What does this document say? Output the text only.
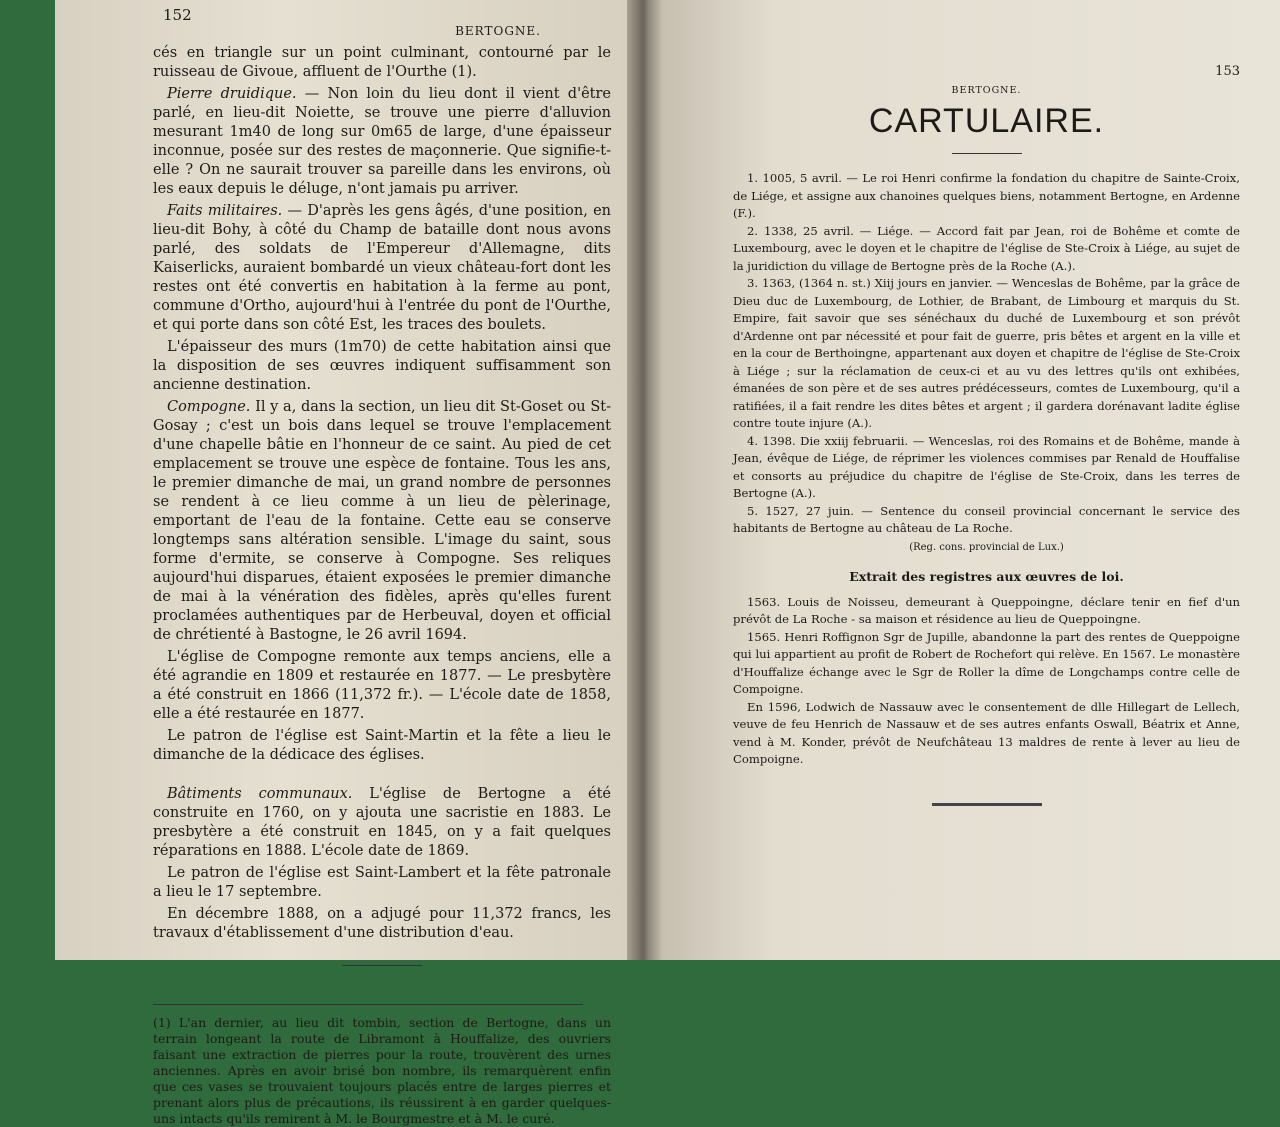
152
BERTOGNE.

cés en triangle sur un point culminant, contourné par le ruisseau de Givoue, affluent de l'Ourthe (1).

Pierre druidique. — Non loin du lieu dont il vient d'être parlé, en lieu-dit Noiette, se trouve une pierre d'alluvion mesurant 1m40 de long sur 0m65 de large, d'une épaisseur inconnue, posée sur des restes de maçonnerie. Que signifie-t-elle ? On ne saurait trouver sa pareille dans les environs, où les eaux depuis le déluge, n'ont jamais pu arriver.

Faits militaires. — D'après les gens âgés, d'une position, en lieu-dit Bohy, à côté du Champ de bataille dont nous avons parlé, des soldats de l'Empereur d'Allemagne, dits Kaiserlicks, auraient bombardé un vieux château-fort dont les restes ont été convertis en habitation à la ferme au pont, commune d'Ortho, aujourd'hui à l'entrée du pont de l'Ourthe, et qui porte dans son côté Est, les traces des boulets.

L'épaisseur des murs (1m70) de cette habitation ainsi que la disposition de ses œuvres indiquent suffisamment son ancienne destination.

Compogne. Il y a, dans la section, un lieu dit St-Goset ou St-Gosay ; c'est un bois dans lequel se trouve l'emplacement d'une chapelle bâtie en l'honneur de ce saint. Au pied de cet emplacement se trouve une espèce de fontaine. Tous les ans, le premier dimanche de mai, un grand nombre de personnes se rendent à ce lieu comme à un lieu de pèlerinage, emportant de l'eau de la fontaine. Cette eau se conserve longtemps sans altération sensible. L'image du saint, sous forme d'ermite, se conserve à Compogne. Ses reliques aujourd'hui disparues, étaient exposées le premier dimanche de mai à la vénération des fidèles, après qu'elles furent proclamées authentiques par de Herbeuval, doyen et official de chrétienté à Bastogne, le 26 avril 1694.

L'église de Compogne remonte aux temps anciens, elle a été agrandie en 1809 et restaurée en 1877. — Le presbytère a été construit en 1866 (11,372 fr.). — L'école date de 1858, elle a été restaurée en 1877.

Le patron de l'église est Saint-Martin et la fête a lieu le dimanche de la dédicace des églises.

Bâtiments communaux. L'église de Bertogne a été construite en 1760, on y ajouta une sacristie en 1883. Le presbytère a été construit en 1845, on y a fait quelques réparations en 1888. L'école date de 1869.

Le patron de l'église est Saint-Lambert et la fête patronale a lieu le 17 septembre.

En décembre 1888, on a adjugé pour 11,372 francs, les travaux d'établissement d'une distribution d'eau.

(1) L'an dernier, au lieu dit tombin, section de Bertogne, dans un terrain longeant la route de Libramont à Houffalize, des ouvriers faisant une extraction de pierres pour la route, trouvèrent des urnes anciennes. Après en avoir brisé bon nombre, ils remarquèrent enfin que ces vases se trouvaient toujours placés entre de larges pierres et prenant alors plus de précautions, ils réussirent à en garder quelques-uns intacts qu'ils remirent à M. le Bourgmestre et à M. le curé.
153
BERTOGNE.
CARTULAIRE.

1. 1005, 5 avril. — Le roi Henri confirme la fondation du chapitre de Sainte-Croix, de Liége, et assigne aux chanoines quelques biens, notamment Bertogne, en Ardenne (F.).

2. 1338, 25 avril. — Liége. — Accord fait par Jean, roi de Bohême et comte de Luxembourg, avec le doyen et le chapitre de l'église de Ste-Croix à Liége, au sujet de la juridiction du village de Bertogne près de la Roche (A.).

3. 1363, (1364 n. st.) Xiij jours en janvier. — Wenceslas de Bohême, par la grâce de Dieu duc de Luxembourg, de Lothier, de Brabant, de Limbourg et marquis du St. Empire, fait savoir que ses sénéchaux du duché de Luxembourg et son prévôt d'Ardenne ont par nécessité et pour fait de guerre, pris bêtes et argent en la ville et en la cour de Berthoingne, appartenant aux doyen et chapitre de l'église de Ste-Croix à Liége ; sur la réclamation de ceux-ci et au vu des lettres qu'ils ont exhibées, émanées de son père et de ses autres prédécesseurs, comtes de Luxembourg, qu'il a ratifiées, il a fait rendre les dites bêtes et argent ; il gardera dorénavant ladite église contre toute injure (A.).

4. 1398. Die xxiij februarii. — Wenceslas, roi des Romains et de Bohême, mande à Jean, évêque de Liége, de réprimer les violences commises par Renald de Houffalise et consorts au préjudice du chapitre de l'église de Ste-Croix, dans les terres de Bertogne (A.).

5. 1527, 27 juin. — Sentence du conseil provincial concernant le service des habitants de Bertogne au château de La Roche.

(Reg. cons. provincial de Lux.)
Extrait des registres aux œuvres de loi.

1563. Louis de Noisseu, demeurant à Queppoingne, déclare tenir en fief d'un prévôt de La Roche - sa maison et résidence au lieu de Queppoingne.

1565. Henri Roffignon Sgr de Jupille, abandonne la part des rentes de Queppoigne qui lui appartient au profit de Robert de Rochefort qui relève. En 1567. Le monastère d'Houffalize échange avec le Sgr de Roller la dîme de Longchamps contre celle de Compoigne.

En 1596, Lodwich de Nassauw avec le consentement de dlle Hillegart de Lellech, veuve de feu Henrich de Nassauw et de ses autres enfants Oswall, Béatrix et Anne, vend à M. Konder, prévôt de Neufchâteau 13 maldres de rente à lever au lieu de Compoigne.
